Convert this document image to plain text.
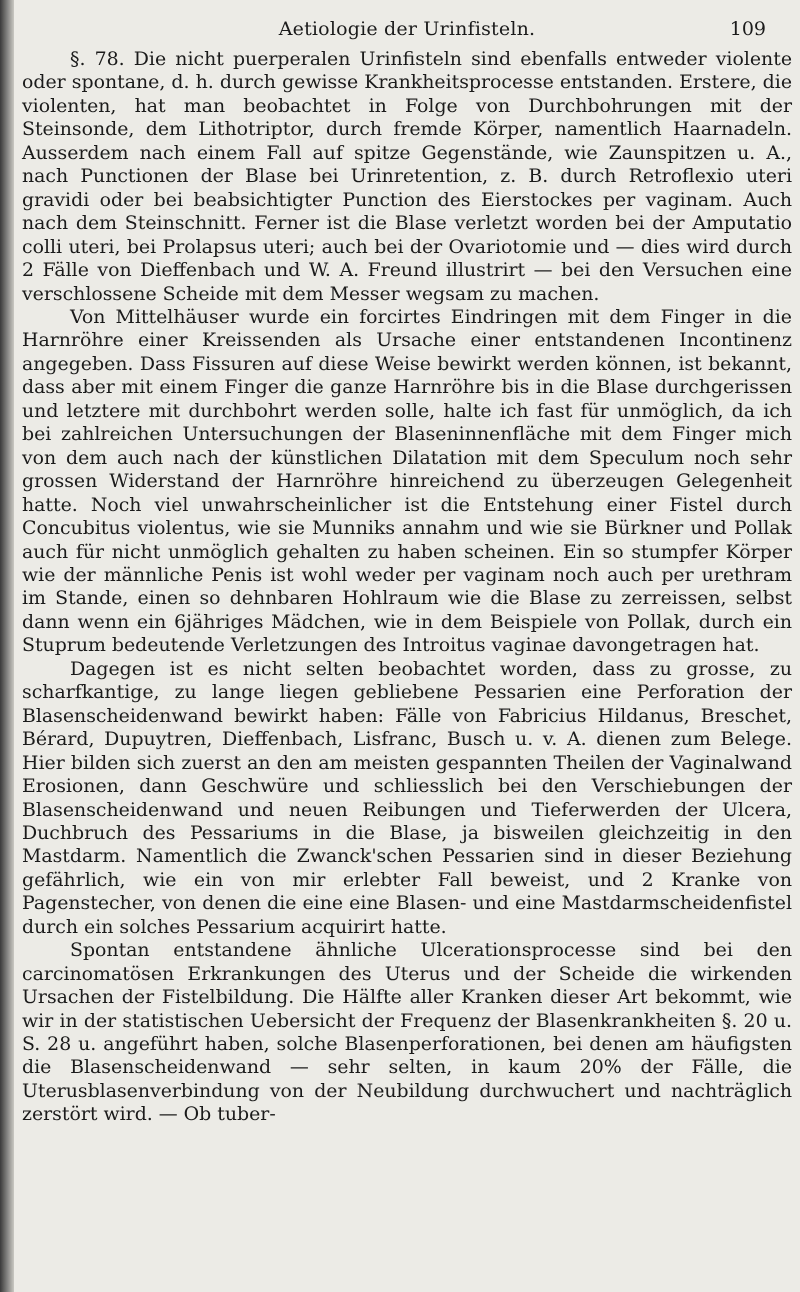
Aetiologie der Urinfisteln.	109

§. 78. Die nicht puerperalen Urinfisteln sind ebenfalls entweder violente oder spontane, d. h. durch gewisse Krankheitsprocesse entstanden. Erstere, die violenten, hat man beobachtet in Folge von Durchbohrungen mit der Steinsonde, dem Lithotriptor, durch fremde Körper, namentlich Haarnadeln. Ausserdem nach einem Fall auf spitze Gegenstände, wie Zaunspitzen u. A., nach Punctionen der Blase bei Urinretention, z. B. durch Retroflexio uteri gravidi oder bei beabsichtigter Punction des Eierstockes per vaginam. Auch nach dem Steinschnitt. Ferner ist die Blase verletzt worden bei der Amputatio colli uteri, bei Prolapsus uteri; auch bei der Ovariotomie und — dies wird durch 2 Fälle von Dieffenbach und W. A. Freund illustrirt — bei den Versuchen eine verschlossene Scheide mit dem Messer wegsam zu machen.

Von Mittelhäuser wurde ein forcirtes Eindringen mit dem Finger in die Harnröhre einer Kreissenden als Ursache einer entstandenen Incontinenz angegeben. Dass Fissuren auf diese Weise bewirkt werden können, ist bekannt, dass aber mit einem Finger die ganze Harnröhre bis in die Blase durchgerissen und letztere mit durchbohrt werden solle, halte ich fast für unmöglich, da ich bei zahlreichen Untersuchungen der Blaseninnenfläche mit dem Finger mich von dem auch nach der künstlichen Dilatation mit dem Speculum noch sehr grossen Widerstand der Harnröhre hinreichend zu überzeugen Gelegenheit hatte. Noch viel unwahrscheinlicher ist die Entstehung einer Fistel durch Concubitus violentus, wie sie Munniks annahm und wie sie Bürkner und Pollak auch für nicht unmöglich gehalten zu haben scheinen. Ein so stumpfer Körper wie der männliche Penis ist wohl weder per vaginam noch auch per urethram im Stande, einen so dehnbaren Hohlraum wie die Blase zu zerreissen, selbst dann wenn ein 6jähriges Mädchen, wie in dem Beispiele von Pollak, durch ein Stuprum bedeutende Verletzungen des Introitus vaginae davongetragen hat.

Dagegen ist es nicht selten beobachtet worden, dass zu grosse, zu scharfkantige, zu lange liegen gebliebene Pessarien eine Perforation der Blasenscheidenwand bewirkt haben: Fälle von Fabricius Hildanus, Breschet, Bérard, Dupuytren, Dieffenbach, Lisfranc, Busch u. v. A. dienen zum Belege. Hier bilden sich zuerst an den am meisten gespannten Theilen der Vaginalwand Erosionen, dann Geschwüre und schliesslich bei den Verschiebungen der Blasenscheidenwand und neuen Reibungen und Tieferwerden der Ulcera, Duchbruch des Pessariums in die Blase, ja bisweilen gleichzeitig in den Mastdarm. Namentlich die Zwanck'schen Pessarien sind in dieser Beziehung gefährlich, wie ein von mir erlebter Fall beweist, und 2 Kranke von Pagenstecher, von denen die eine eine Blasen- und eine Mastdarmscheidenfistel durch ein solches Pessarium acquirirt hatte.

Spontan entstandene ähnliche Ulcerationsprocesse sind bei den carcinomatösen Erkrankungen des Uterus und der Scheide die wirkenden Ursachen der Fistelbildung. Die Hälfte aller Kranken dieser Art bekommt, wie wir in der statistischen Uebersicht der Frequenz der Blasenkrankheiten §. 20 u. S. 28 u. angeführt haben, solche Blasenperforationen, bei denen am häufigsten die Blasenscheidenwand — sehr selten, in kaum 20% der Fälle, die Uterusblasenverbindung von der Neubildung durchwuchert und nachträglich zerstört wird. — Ob tuber-
